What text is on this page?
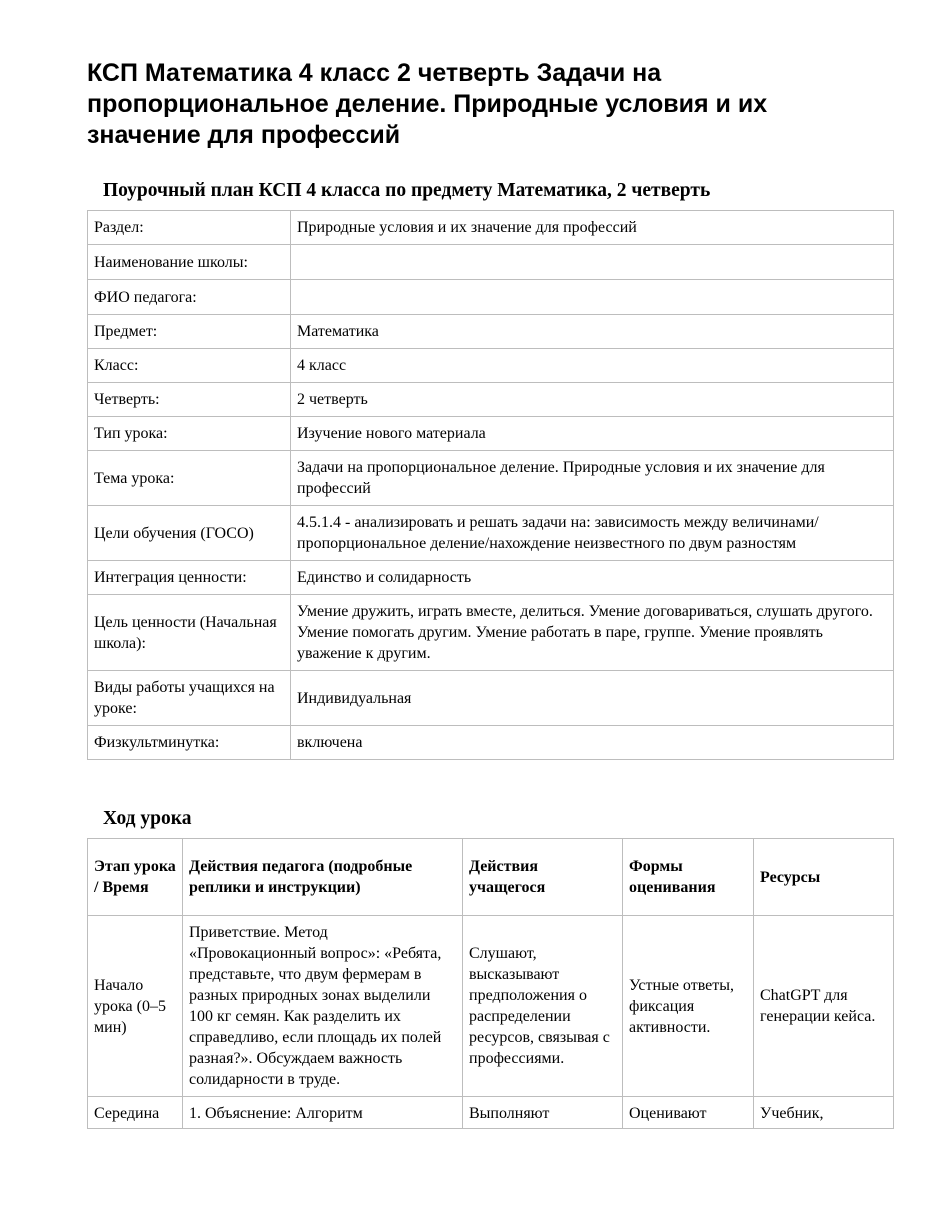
КСП Математика 4 класс 2 четверть Задачи на пропорциональное деление. Природные условия и их значение для профессий
Поурочный план КСП 4 класса по предмету Математика, 2 четверть
Раздел:	Природные условия и их значение для профессий
Наименование школы:	
ФИО педагога:	
Предмет:	Математика
Класс:	4 класс
Четверть:	2 четверть
Тип урока:	Изучение нового материала
Тема урока:	Задачи на пропорциональное деление. Природные условия и их значение для профессий
Цели обучения (ГОСО)	4.5.1.4 - анализировать и решать задачи на: зависимость между величинами/ пропорциональное деление/нахождение неизвестного по двум разностям
Интеграция ценности:	Единство и солидарность
Цель ценности (Начальная школа):	Умение дружить, играть вместе, делиться. Умение договариваться, слушать другого. Умение помогать другим. Умение работать в паре, группе. Умение проявлять уважение к другим.
Виды работы учащихся на уроке:	Индивидуальная
Физкультминутка:	включена
Ход урока
Этап урока / Время	Действия педагога (подробные реплики и инструкции)	Действия учащегося	Формы оценивания	Ресурсы
Начало урока (0–5 мин)	Приветствие. Метод «Провокационный вопрос»: «Ребята, представьте, что двум фермерам в разных природных зонах выделили 100 кг семян. Как разделить их справедливо, если площадь их полей разная?». Обсуждаем важность солидарности в труде.	Слушают, высказывают предположения о распределении ресурсов, связывая с профессиями.	Устные ответы, фиксация активности.	ChatGPT для генерации кейса.
Середина	1. Объяснение: Алгоритм	Выполняют	Оценивают	Учебник,
